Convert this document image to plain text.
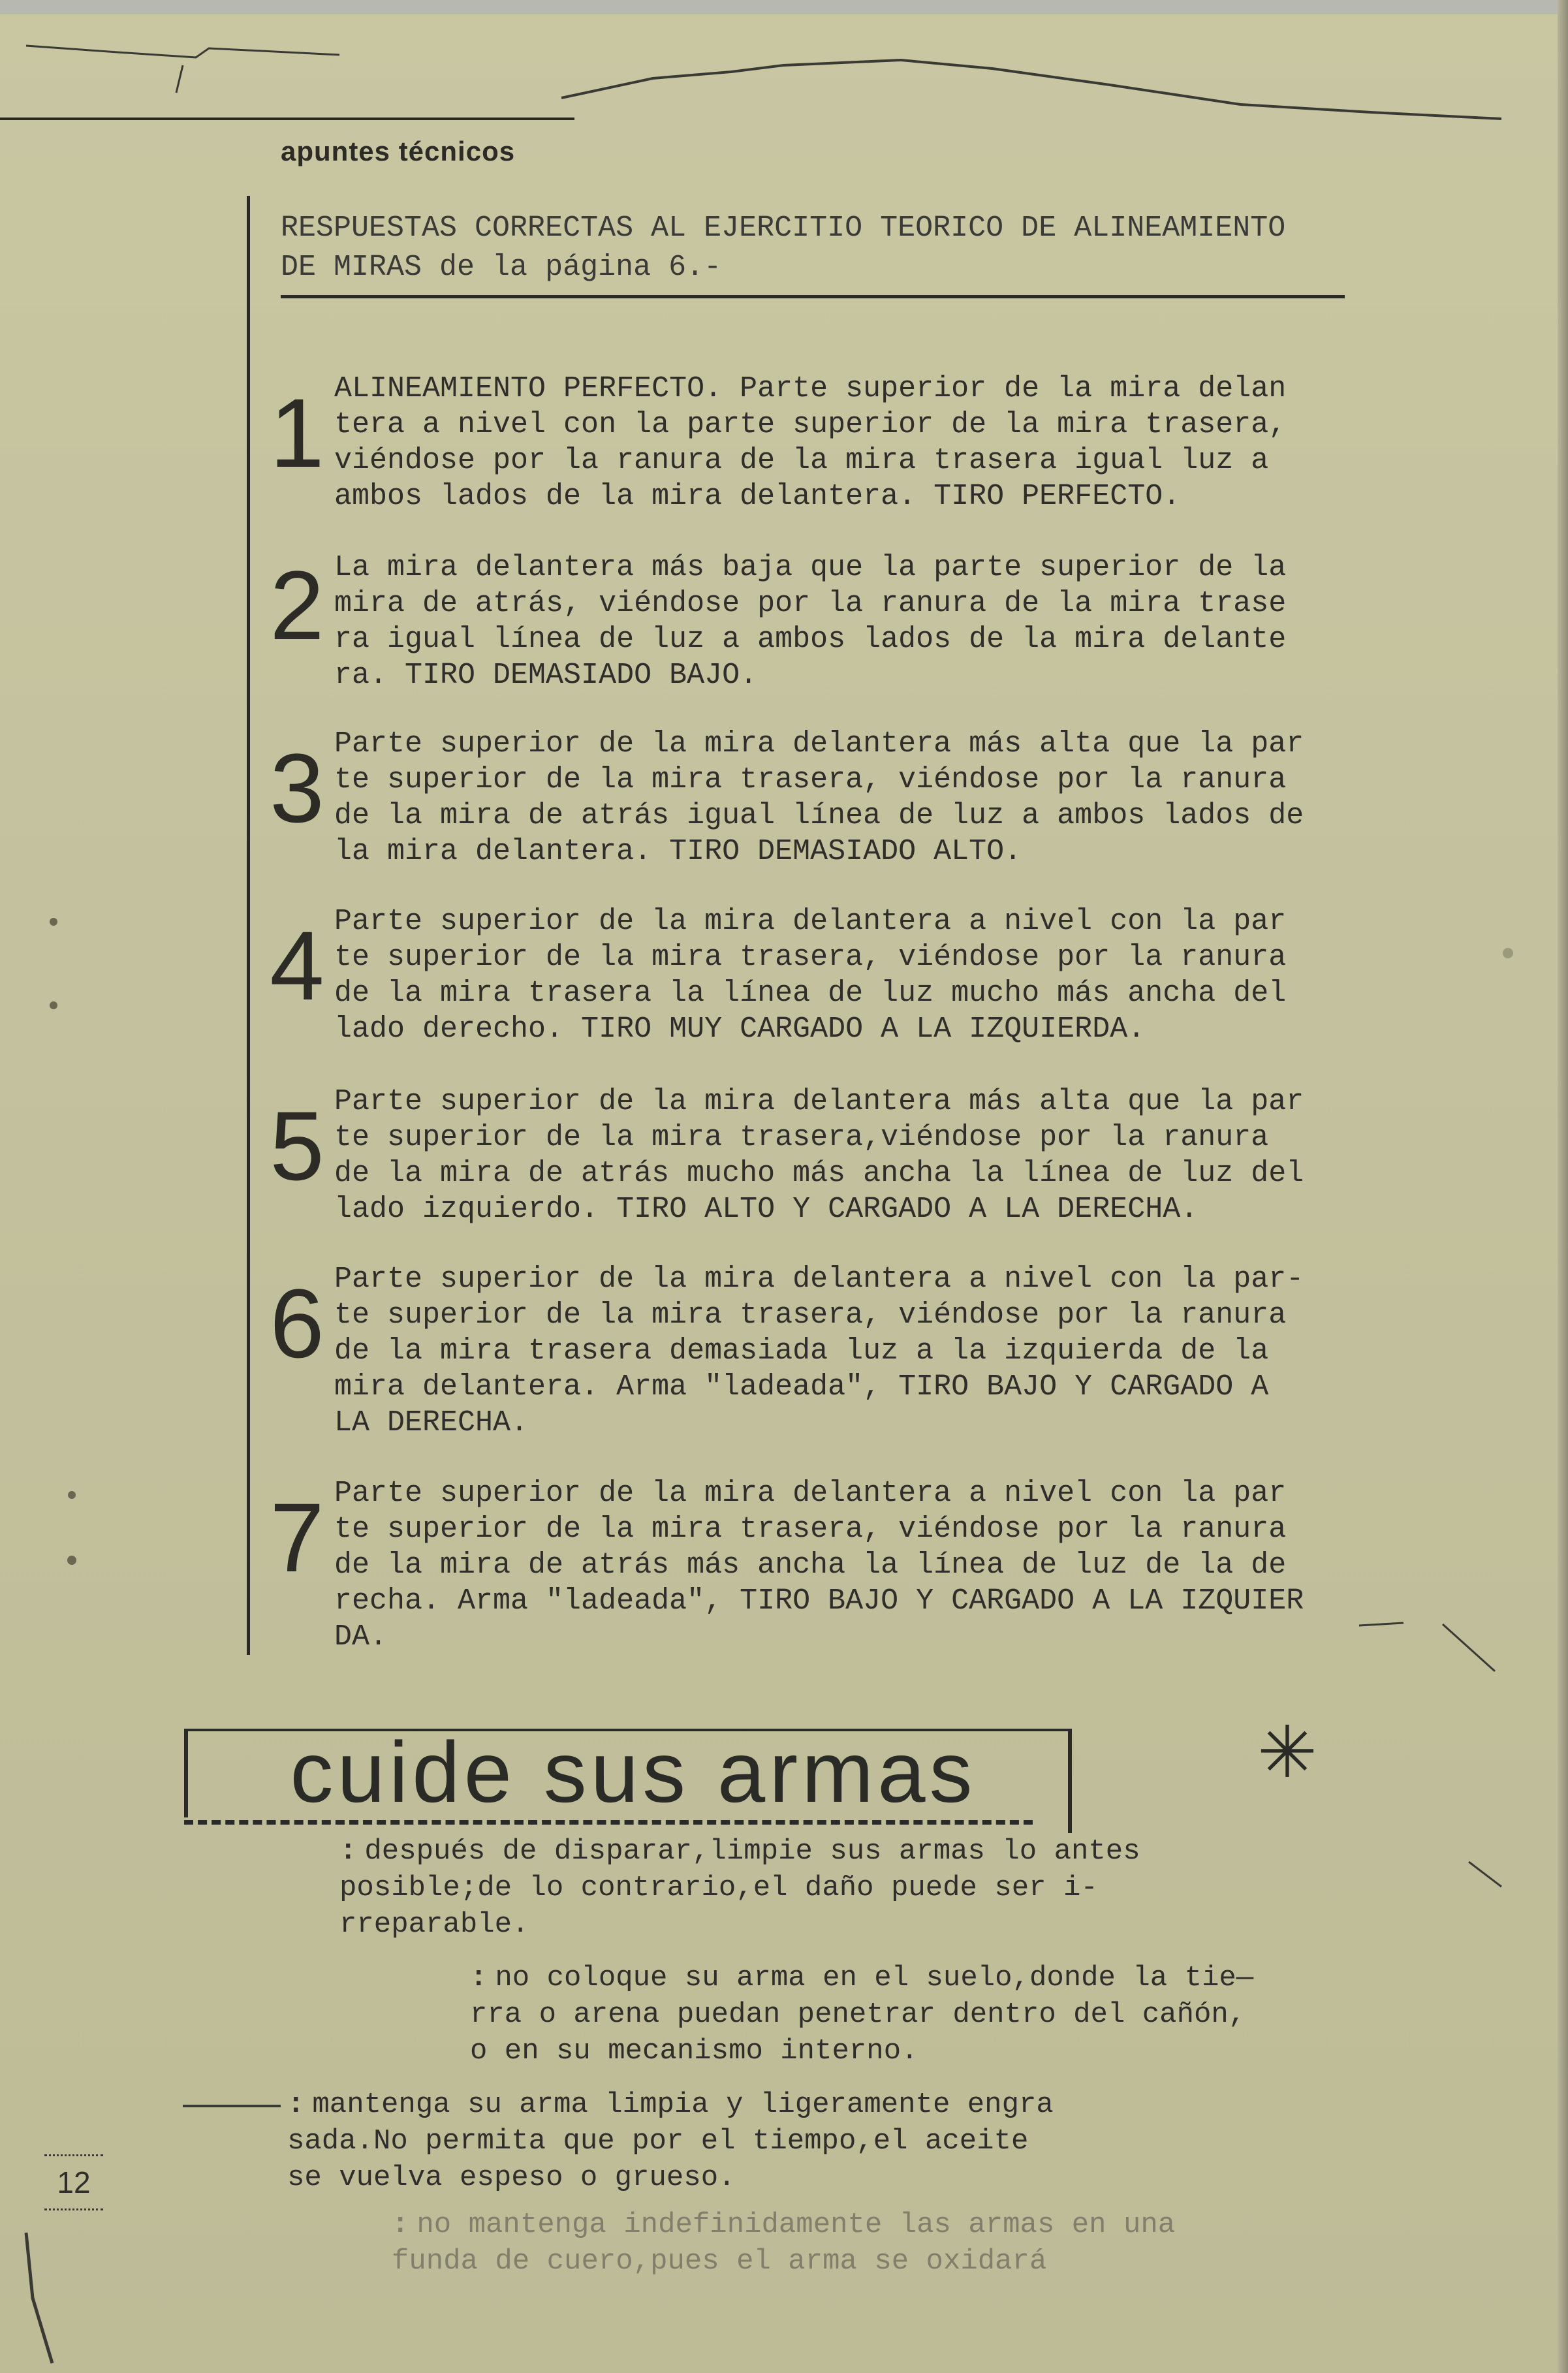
apuntes técnicos
RESPUESTAS CORRECTAS AL EJERCITIO TEORICO DE ALINEAMIENTO
DE MIRAS de la página 6.-
1 ALINEAMIENTO PERFECTO. Parte superior de la mira delan
tera a nivel con la parte superior de la mira trasera,
viéndose por la ranura de la mira trasera igual luz a
ambos lados de la mira delantera. TIRO PERFECTO.
2 La mira delantera más baja que la parte superior de la
mira de atrás, viéndose por la ranura de la mira trase
ra igual línea de luz a ambos lados de la mira delante
ra. TIRO DEMASIADO BAJO.
3 Parte superior de la mira delantera más alta que la par
te superior de la mira trasera, viéndose por la ranura
de la mira de atrás igual línea de luz a ambos lados de
la mira delantera. TIRO DEMASIADO ALTO.
4 Parte superior de la mira delantera a nivel con la par
te superior de la mira trasera, viéndose por la ranura
de la mira trasera la línea de luz mucho más ancha del
lado derecho. TIRO MUY CARGADO A LA IZQUIERDA.
5 Parte superior de la mira delantera más alta que la par
te superior de la mira trasera,viéndose por la ranura
de la mira de atrás mucho más ancha la línea de luz del
lado izquierdo. TIRO ALTO Y CARGADO A LA DERECHA.
6 Parte superior de la mira delantera a nivel con la par-
te superior de la mira trasera, viéndose por la ranura
de la mira trasera demasiada luz a la izquierda de la
mira delantera. Arma "ladeada", TIRO BAJO Y CARGADO A
LA DERECHA.
7 Parte superior de la mira delantera a nivel con la par
te superior de la mira trasera, viéndose por la ranura
de la mira de atrás más ancha la línea de luz de la de
recha. Arma "ladeada", TIRO BAJO Y CARGADO A LA IZQUIER
DA.
cuide sus armas	✳
: después de disparar,limpie sus armas lo antes
posible;de lo contrario,el daño puede ser i-
rreparable.
: no coloque su arma en el suelo,donde la tie—
rra o arena puedan penetrar dentro del cañón,
o en su mecanismo interno.
: mantenga su arma limpia y ligeramente engra
sada.No permita que por el tiempo,el aceite
se vuelva espeso o grueso.
: no mantenga indefinidamente las armas en una
funda de cuero,pues el arma se oxidará
12
